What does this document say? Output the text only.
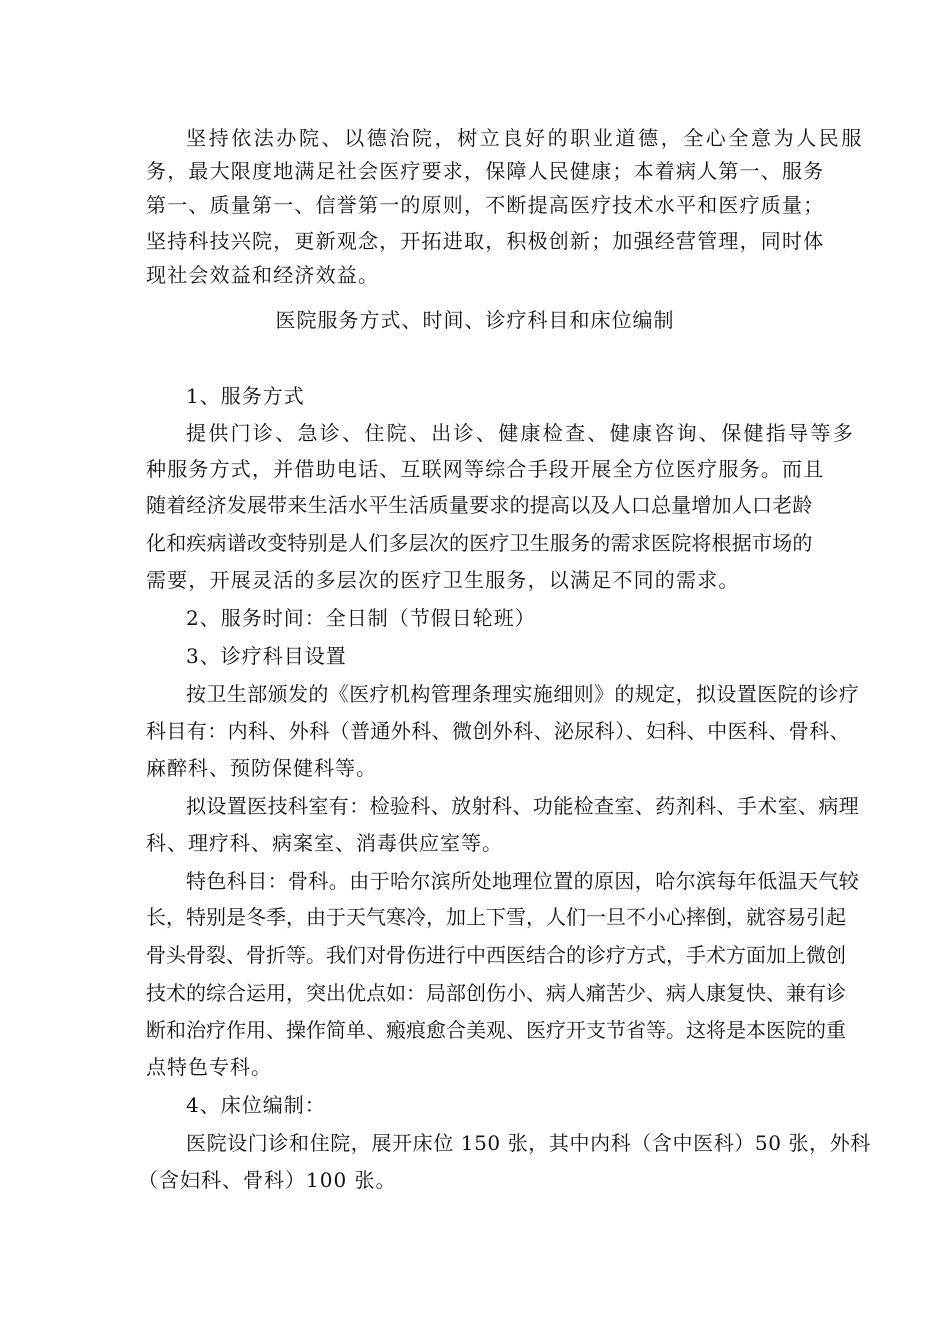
坚持依法办院、以德治院，树立良好的职业道德，全心全意为人民服
务，最大限度地满足社会医疗要求，保障人民健康；本着病人第一、服务
第一、质量第一、信誉第一的原则，不断提高医疗技术水平和医疗质量；
坚持科技兴院，更新观念，开拓进取，积极创新；加强经营管理，同时体
现社会效益和经济效益。
医院服务方式、时间、诊疗科目和床位编制
1、服务方式
提供门诊、急诊、住院、出诊、健康检查、健康咨询、保健指导等多
种服务方式，并借助电话、互联网等综合手段开展全方位医疗服务。而且
随着经济发展带来生活水平生活质量要求的提高以及人口总量增加人口老龄
化和疾病谱改变特别是人们多层次的医疗卫生服务的需求医院将根据市场的
需要，开展灵活的多层次的医疗卫生服务，以满足不同的需求。
2、服务时间：全日制（节假日轮班）
3、诊疗科目设置
按卫生部颁发的《医疗机构管理条理实施细则》的规定，拟设置医院的诊疗
科目有：内科、外科（普通外科、微创外科、泌尿科）、妇科、中医科、骨科、
麻醉科、预防保健科等。
拟设置医技科室有：检验科、放射科、功能检查室、药剂科、手术室、病理
科、理疗科、病案室、消毒供应室等。
特色科目：骨科。由于哈尔滨所处地理位置的原因，哈尔滨每年低温天气较
长，特别是冬季，由于天气寒冷，加上下雪，人们一旦不小心摔倒，就容易引起
骨头骨裂、骨折等。我们对骨伤进行中西医结合的诊疗方式，手术方面加上微创
技术的综合运用，突出优点如：局部创伤小、病人痛苦少、病人康复快、兼有诊
断和治疗作用、操作简单、瘢痕愈合美观、医疗开支节省等。这将是本医院的重
点特色专科。
4、床位编制：
医院设门诊和住院，展开床位 150 张，其中内科（含中医科）50 张，外科
（含妇科、骨科）100 张。
